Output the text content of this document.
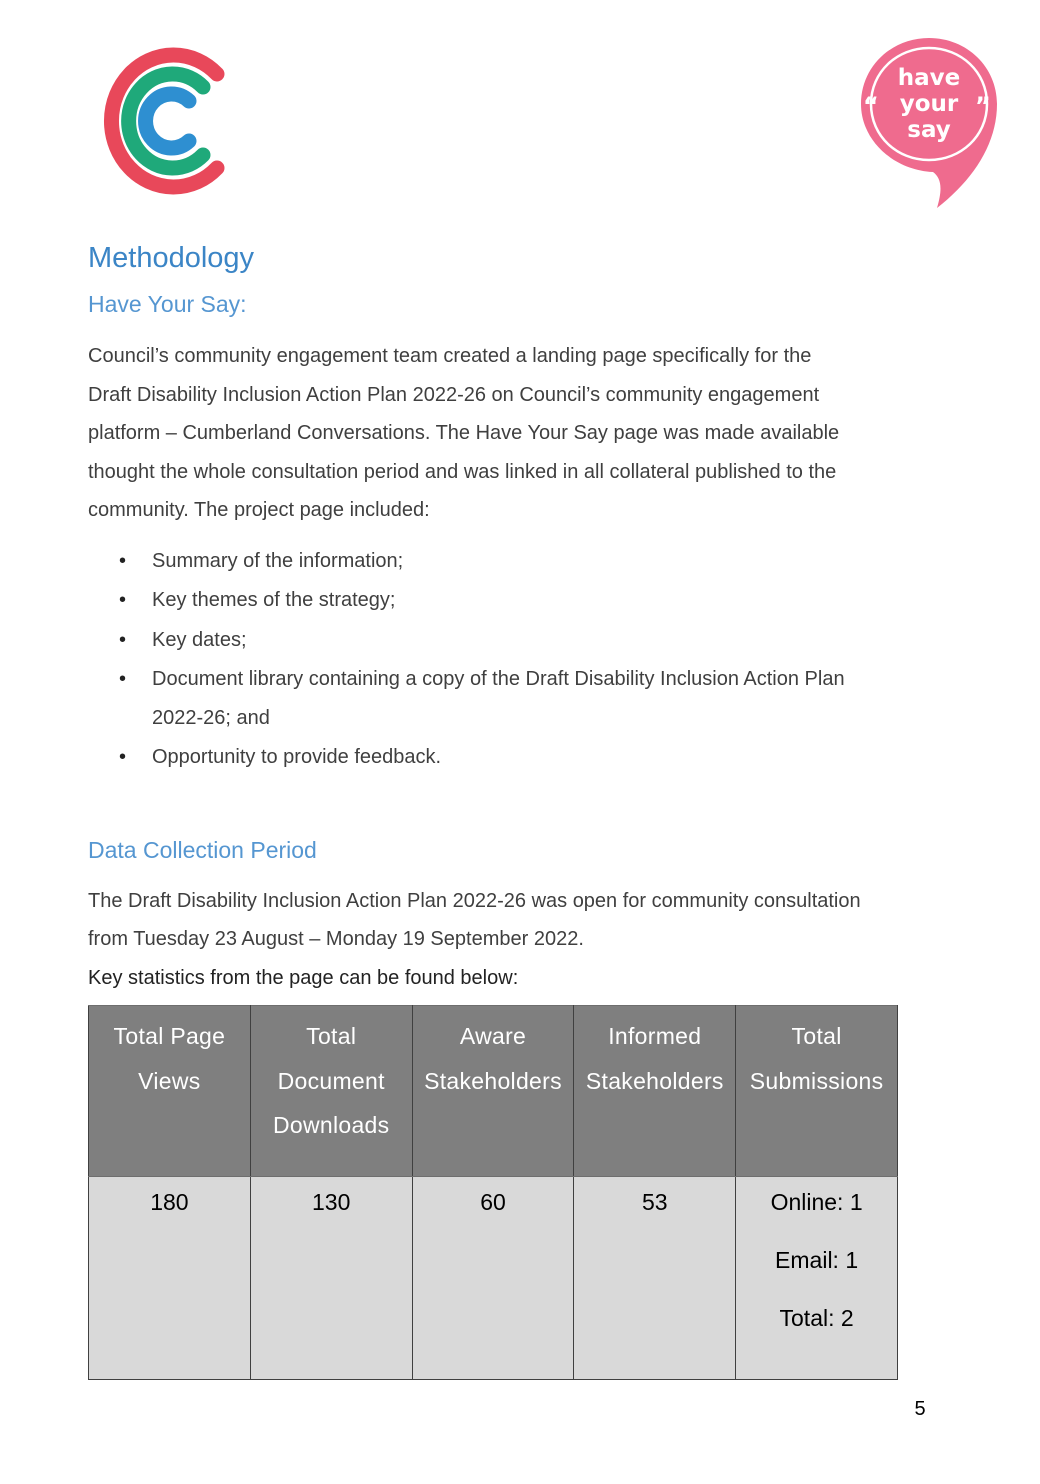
have
your
say
“	”
Methodology
Have Your Say:

Council’s community engagement team created a landing page specifically for the

Draft Disability Inclusion Action Plan 2022-26 on Council’s community engagement

platform – Cumberland Conversations. The Have Your Say page was made available

thought the whole consultation period and was linked in all collateral published to the

community. The project page included:

• Summary of the information;
• Key themes of the strategy;
• Key dates;
• Document library containing a copy of the Draft Disability Inclusion Action Plan
2022-26; and
• Opportunity to provide feedback.
Data Collection Period

The Draft Disability Inclusion Action Plan 2022-26 was open for community consultation

from Tuesday 23 August – Monday 19 September 2022.

Key statistics from the page can be found below:

Total Page
Views	Total
Document
Downloads	Aware
Stakeholders	Informed
Stakeholders	Total
Submissions
180	130	60	53	Online: 1
Email: 1
Total: 2
5
